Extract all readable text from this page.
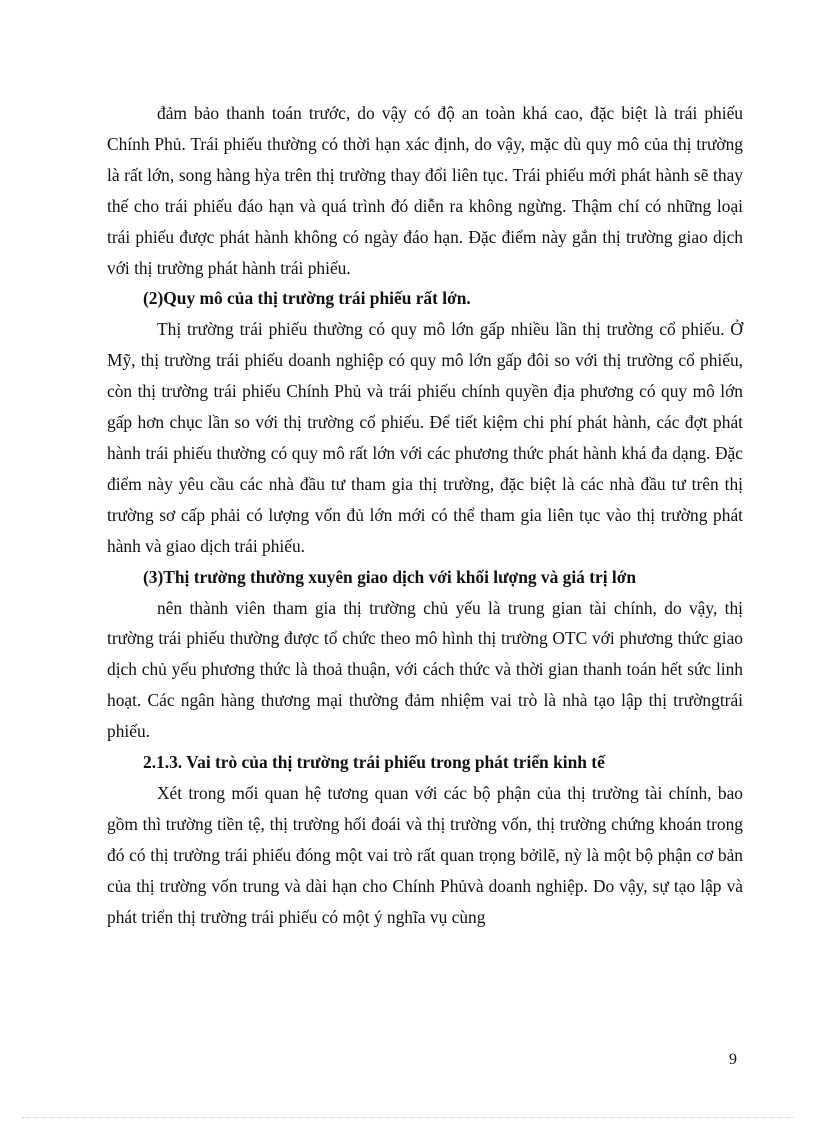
đảm bảo thanh toán trước, do vậy có độ an toàn khá cao, đặc biệt là trái phiếu Chính Phủ. Trái phiếu thường có thời hạn xác định, do vậy, mặc dù quy mô của thị trường là rất lớn, song hàng hỳa trên thị trường thay đổi liên tục. Trái phiếu mới phát hành sẽ thay thế cho trái phiếu đáo hạn và quá trình đó diễn ra không ngừng. Thậm chí có những loại trái phiếu được phát hành không có ngày đáo hạn. Đặc điểm này gắn thị trường giao dịch với thị trường phát hành trái phiếu.

(2)Quy mô của thị trường trái phiếu rất lớn.

Thị trường trái phiếu thường có quy mô lớn gấp nhiều lần thị trường cổ phiếu. Ở Mỹ, thị trường trái phiếu doanh nghiệp có quy mô lớn gấp đôi so với thị trường cổ phiếu, còn thị trường trái phiếu Chính Phủ và trái phiếu chính quyền địa phương có quy mô lớn gấp hơn chục lần so với thị trường cổ phiếu. Để tiết kiệm chi phí phát hành, các đợt phát hành trái phiếu thường có quy mô rất lớn với các phương thức phát hành khá đa dạng. Đặc điểm này yêu cầu các nhà đầu tư tham gia thị trường, đặc biệt là các nhà đầu tư trên thị trường sơ cấp phải có lượng vốn đủ lớn mới có thể tham gia liên tục vào thị trường phát hành và giao dịch trái phiếu.

(3)Thị trường thường xuyên giao dịch với khối lượng và giá trị lớn

nên thành viên tham gia thị trường chủ yếu là trung gian tài chính, do vậy, thị trường trái phiếu thường được tổ chức theo mô hình thị trường OTC với phương thức giao dịch chủ yếu phương thức là thoả thuận, với cách thức và thời gian thanh toán hết sức linh hoạt. Các ngân hàng thương mại thường đảm nhiệm vai trò là nhà tạo lập thị trườngtrái phiếu.

2.1.3. Vai trò của thị trường trái phiếu trong phát triển kinh tế

Xét trong mối quan hệ tương quan với các bộ phận của thị trường tài chính, bao gồm thì trường tiền tệ, thị trường hối đoái và thị trường vốn, thị trường chứng khoán trong đó có thị trường trái phiếu đóng một vai trò rất quan trọng bởilẽ, nỳ là một bộ phận cơ bản của thị trường vốn trung và dài hạn cho Chính Phủvà doanh nghiệp. Do vậy, sự tạo lập và phát triển thị trường trái phiếu có một ý nghĩa vụ cùng

9
